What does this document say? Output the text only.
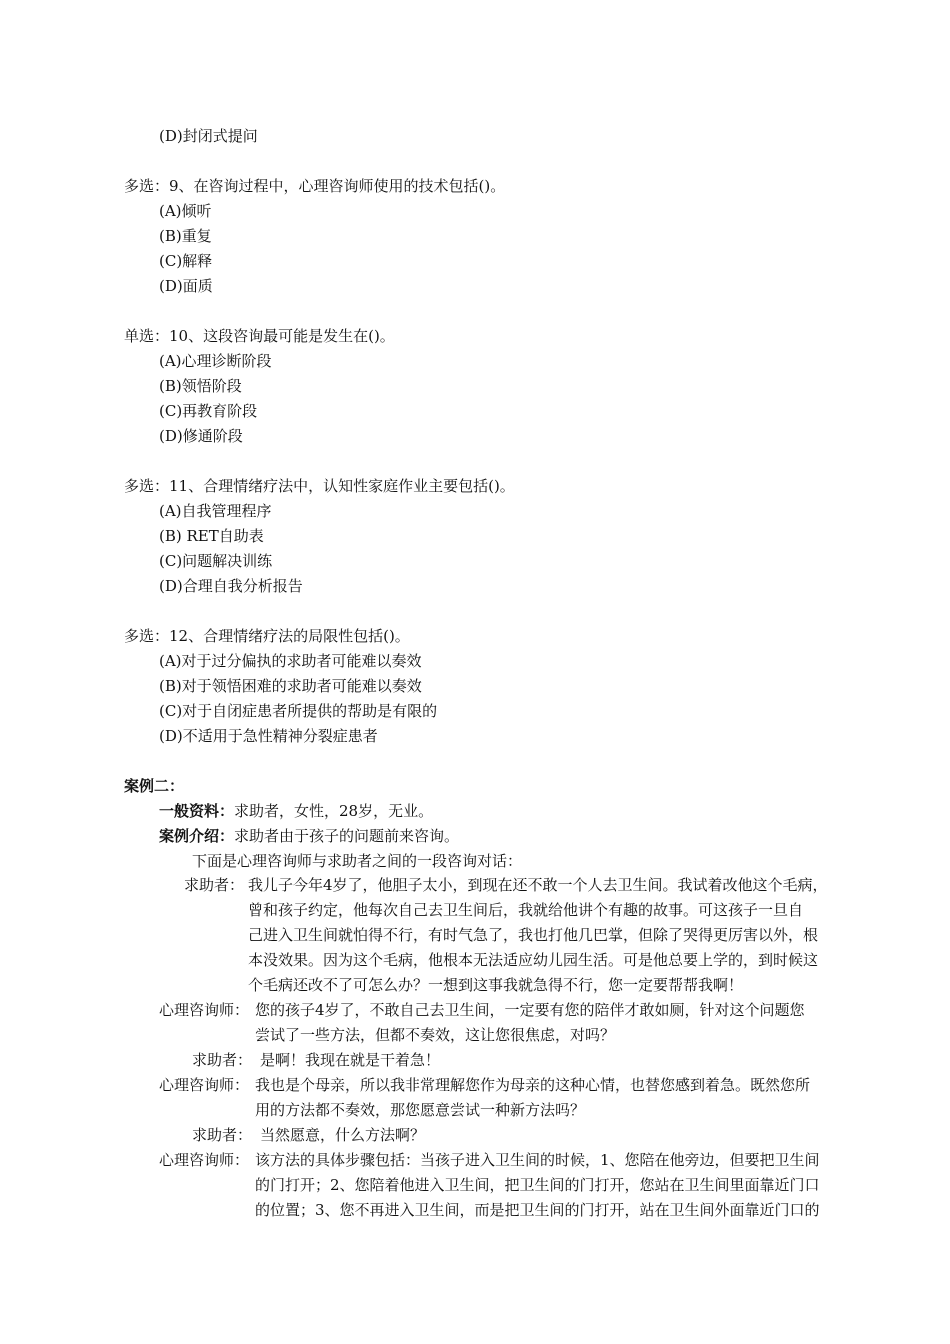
(D)封闭式提问
多选：9、在咨询过程中，心理咨询师使用的技术包括()。
(A)倾听
(B)重复
(C)解释
(D)面质
单选：10、这段咨询最可能是发生在()。
(A)心理诊断阶段
(B)领悟阶段
(C)再教育阶段
(D)修通阶段
多选：11、合理情绪疗法中，认知性家庭作业主要包括()。
(A)自我管理程序
(B) RET自助表
(C)问题解决训练
(D)合理自我分析报告
多选：12、合理情绪疗法的局限性包括()。
(A)对于过分偏执的求助者可能难以奏效
(B)对于领悟困难的求助者可能难以奏效
(C)对于自闭症患者所提供的帮助是有限的
(D)不适用于急性精神分裂症患者
案例二：
一般资料：求助者，女性，28岁，无业。
案例介绍：求助者由于孩子的问题前来咨询。
下面是心理咨询师与求助者之间的一段咨询对话：
求助者： 我儿子今年4岁了，他胆子太小，到现在还不敢一个人去卫生间。我试着改他这个毛病，

曾和孩子约定，他每次自己去卫生间后，我就给他讲个有趣的故事。可这孩子一旦自

己进入卫生间就怕得不行，有时气急了，我也打他几巴掌，但除了哭得更厉害以外，根

本没效果。因为这个毛病，他根本无法适应幼儿园生活。可是他总要上学的，到时候这

个毛病还改不了可怎么办？一想到这事我就急得不行，您一定要帮帮我啊！

心理咨询师： 您的孩子4岁了，不敢自己去卫生间，一定要有您的陪伴才敢如厕，针对这个问题您

尝试了一些方法，但都不奏效，这让您很焦虑，对吗？

求助者： 是啊！我现在就是干着急！

心理咨询师： 我也是个母亲，所以我非常理解您作为母亲的这种心情，也替您感到着急。既然您所

用的方法都不奏效，那您愿意尝试一种新方法吗？

求助者： 当然愿意，什么方法啊？

心理咨询师： 该方法的具体步骤包括：当孩子进入卫生间的时候，1、您陪在他旁边，但要把卫生间

的门打开；2、您陪着他进入卫生间，把卫生间的门打开，您站在卫生间里面靠近门口

的位置；3、您不再进入卫生间，而是把卫生间的门打开，站在卫生间外面靠近门口的
